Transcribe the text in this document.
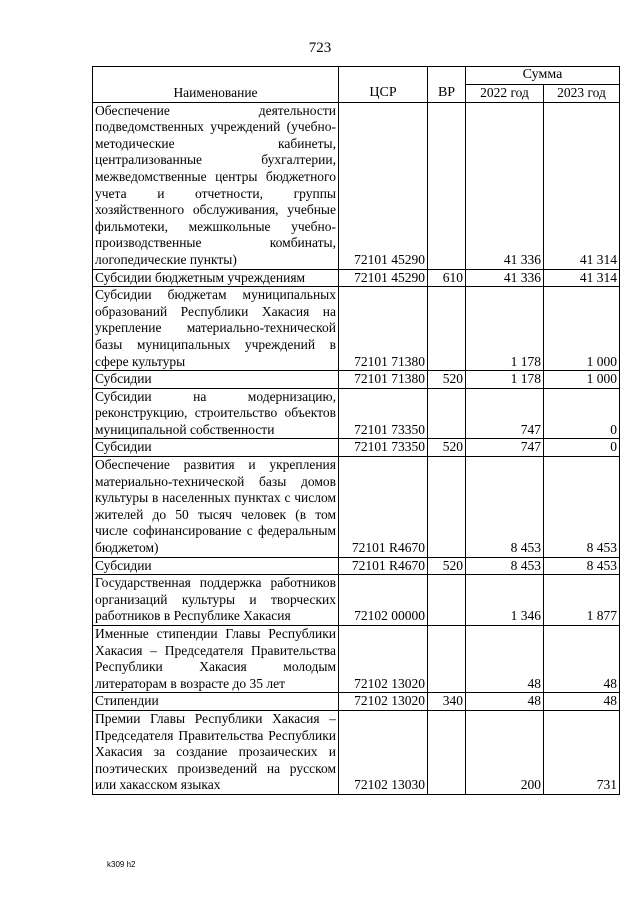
723
Наименование	ЦСР	ВР	Сумма	
			2022 год	2023 год
Обеспечение деятельности подведомственных учреждений (учебно-методические кабинеты, централизованные бухгалтерии, межведомственные центры бюджетного учета и отчетности, группы хозяйственного обслуживания, учебные фильмотеки, межшкольные учебно-производственные комбинаты, логопедические пункты)	72101 45290		41 336	41 314
Субсидии бюджетным учреждениям	72101 45290	610	41 336	41 314
Субсидии бюджетам муниципальных образований Республики Хакасия на укрепление материально-технической базы муниципальных учреждений в сфере культуры	72101 71380		1 178	1 000
Субсидии	72101 71380	520	1 178	1 000
Субсидии на модернизацию, реконструкцию, строительство объектов муниципальной собственности	72101 73350		747	0
Субсидии	72101 73350	520	747	0
Обеспечение развития и укрепления материально-технической базы домов культуры в населенных пунктах с числом жителей до 50 тысяч человек (в том числе софинансирование с федеральным бюджетом)	72101 R4670		8 453	8 453
Субсидии	72101 R4670	520	8 453	8 453
Государственная поддержка работников организаций культуры и творческих работников в Республике Хакасия	72102 00000		1 346	1 877
Именные стипендии Главы Республики Хакасия – Председателя Правительства Республики Хакасия молодым литераторам в возрасте до 35 лет	72102 13020		48	48
Стипендии	72102 13020	340	48	48
Премии Главы Республики Хакасия – Председателя Правительства Республики Хакасия за создание прозаических и поэтических произведений на русском или хакасском языках	72102 13030		200	731
k309 h2
